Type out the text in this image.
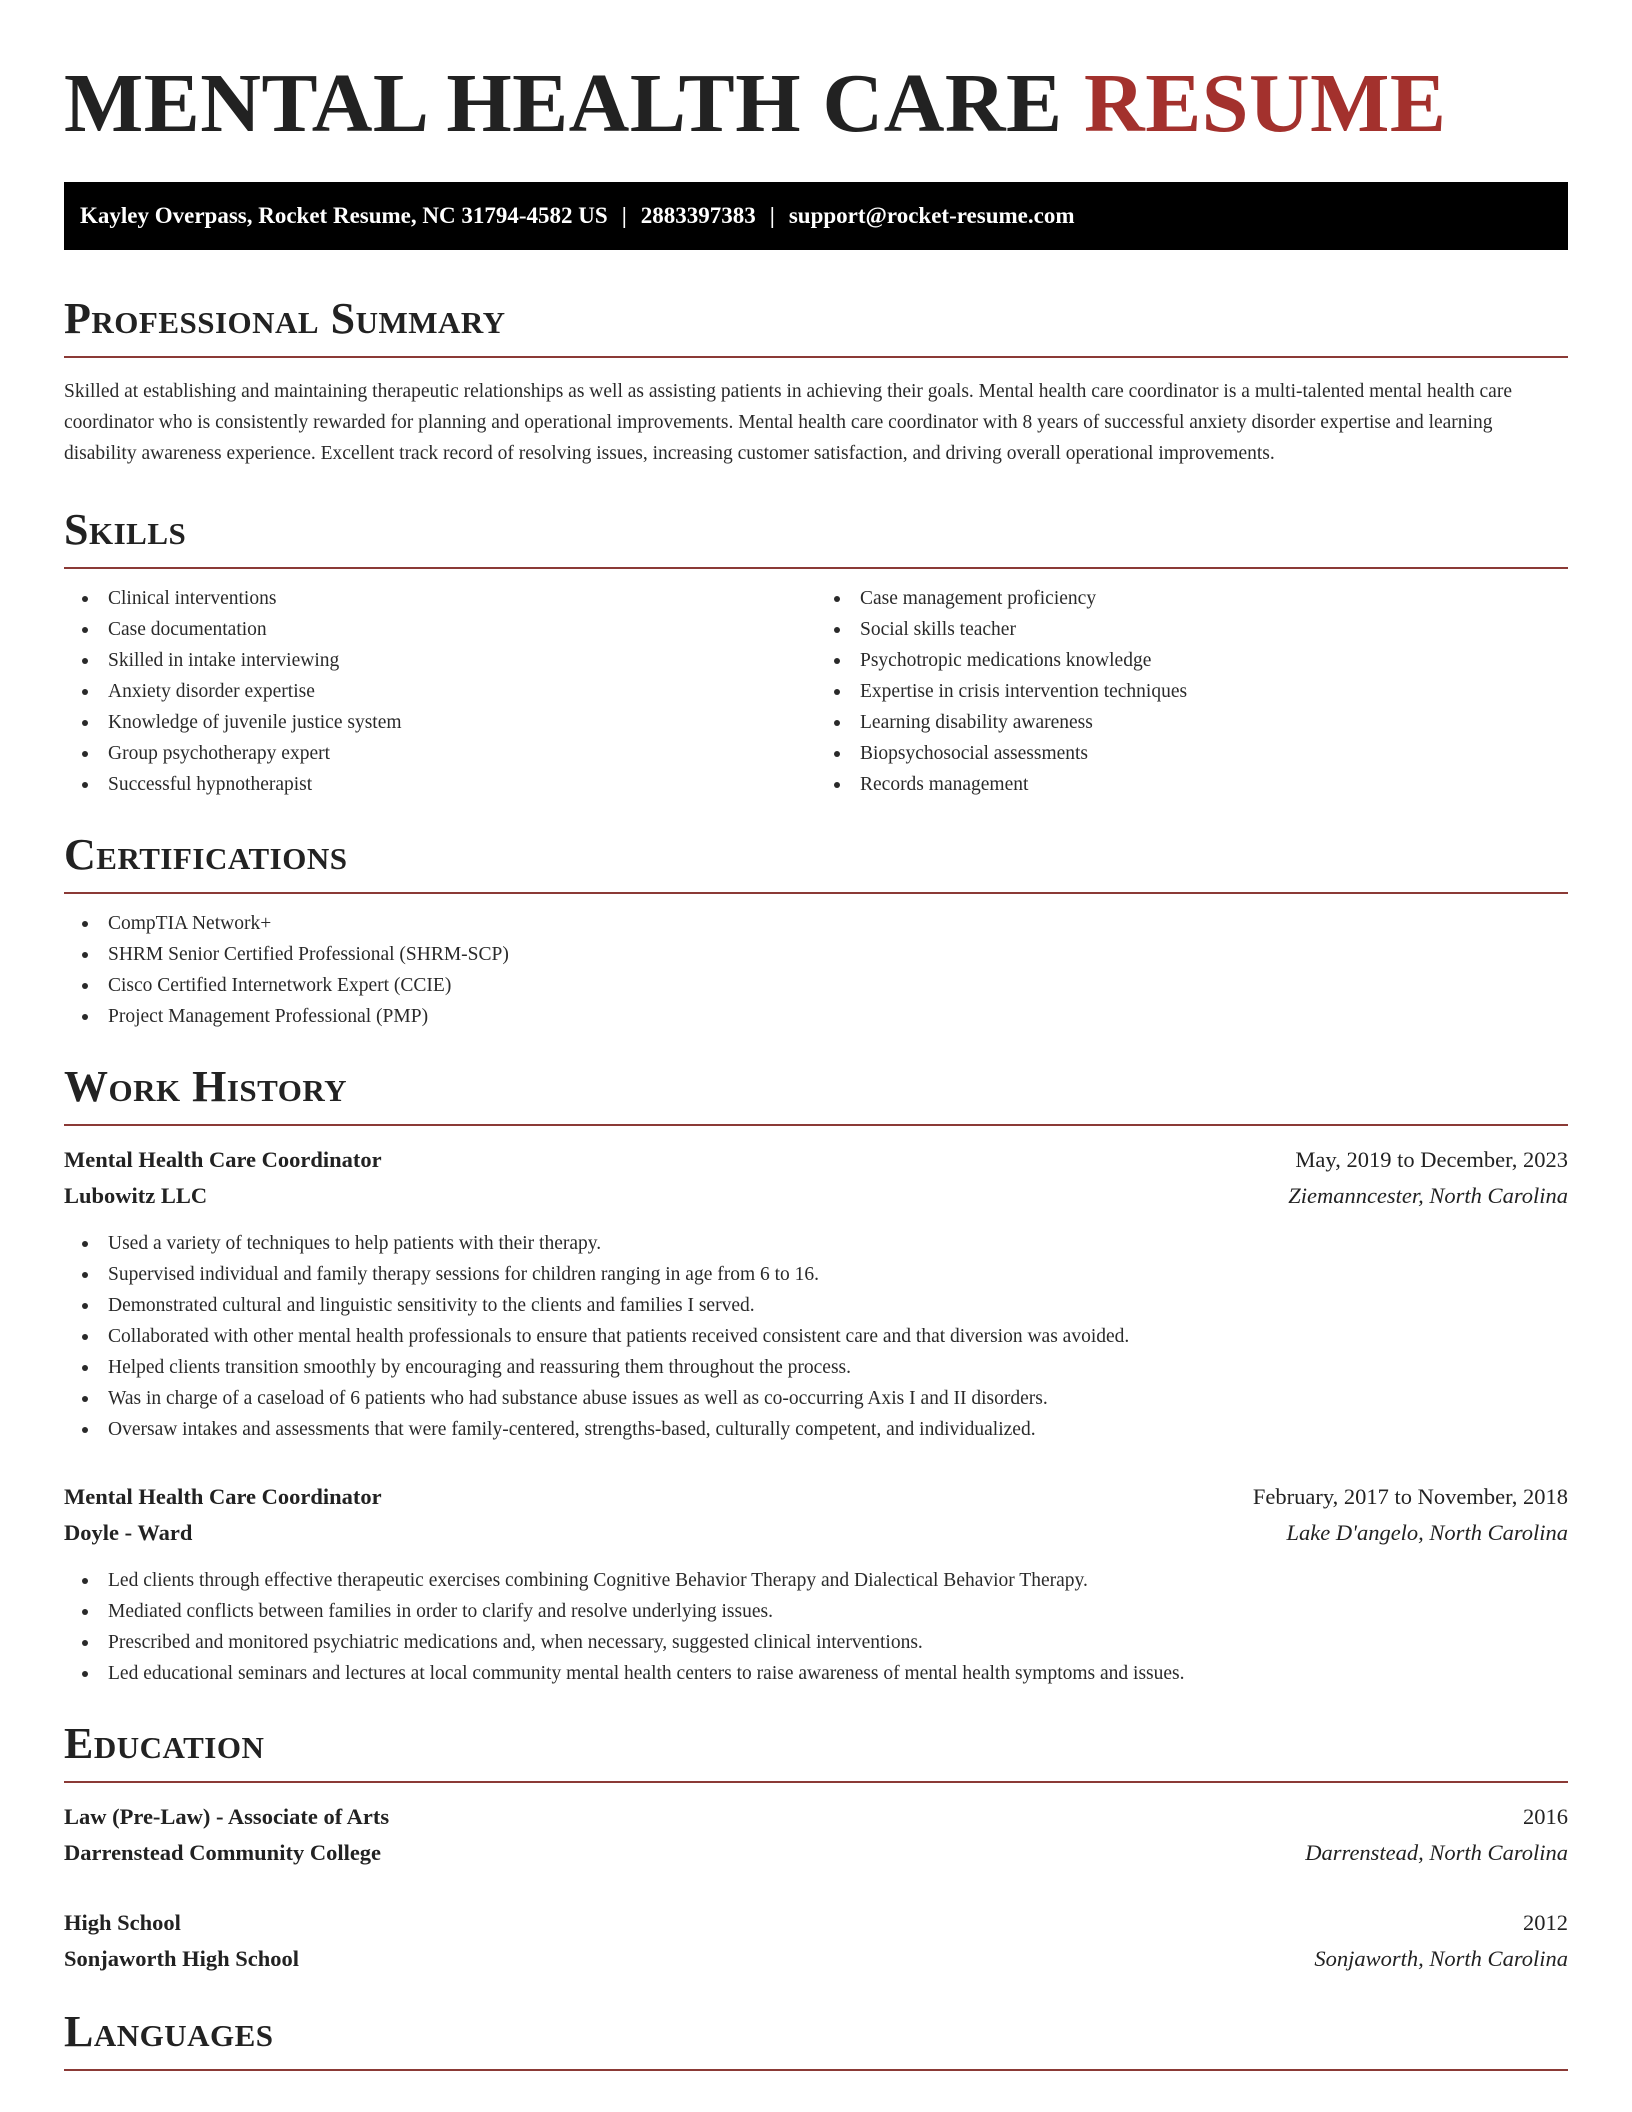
MENTAL HEALTH CARE RESUME
Kayley Overpass, Rocket Resume, NC 31794-4582 US | 2883397383 | support@rocket-resume.com
Professional Summary

Skilled at establishing and maintaining therapeutic relationships as well as assisting patients in achieving their goals. Mental health care coordinator is a multi-talented mental health care coordinator who is consistently rewarded for planning and operational improvements. Mental health care coordinator with 8 years of successful anxiety disorder expertise and learning disability awareness experience. Excellent track record of resolving issues, increasing customer satisfaction, and driving overall operational improvements.

Skills
Clinical interventions
Case documentation
Skilled in intake interviewing
Anxiety disorder expertise
Knowledge of juvenile justice system
Group psychotherapy expert
Successful hypnotherapist
Case management proficiency
Social skills teacher
Psychotropic medications knowledge
Expertise in crisis intervention techniques
Learning disability awareness
Biopsychosocial assessments
Records management
Certifications
CompTIA Network+
SHRM Senior Certified Professional (SHRM-SCP)
Cisco Certified Internetwork Expert (CCIE)
Project Management Professional (PMP)
Work History
Mental Health Care Coordinator	May, 2019 to December, 2023
Lubowitz LLC	Ziemanncester, North Carolina
Used a variety of techniques to help patients with their therapy.
Supervised individual and family therapy sessions for children ranging in age from 6 to 16.
Demonstrated cultural and linguistic sensitivity to the clients and families I served.
Collaborated with other mental health professionals to ensure that patients received consistent care and that diversion was avoided.
Helped clients transition smoothly by encouraging and reassuring them throughout the process.
Was in charge of a caseload of 6 patients who had substance abuse issues as well as co-occurring Axis I and II disorders.
Oversaw intakes and assessments that were family-centered, strengths-based, culturally competent, and individualized.
Mental Health Care Coordinator	February, 2017 to November, 2018
Doyle - Ward	Lake D'angelo, North Carolina
Led clients through effective therapeutic exercises combining Cognitive Behavior Therapy and Dialectical Behavior Therapy.
Mediated conflicts between families in order to clarify and resolve underlying issues.
Prescribed and monitored psychiatric medications and, when necessary, suggested clinical interventions.
Led educational seminars and lectures at local community mental health centers to raise awareness of mental health symptoms and issues.
Education
Law (Pre-Law) - Associate of Arts	2016
Darrenstead Community College	Darrenstead, North Carolina
High School	2012
Sonjaworth High School	Sonjaworth, North Carolina
Languages
